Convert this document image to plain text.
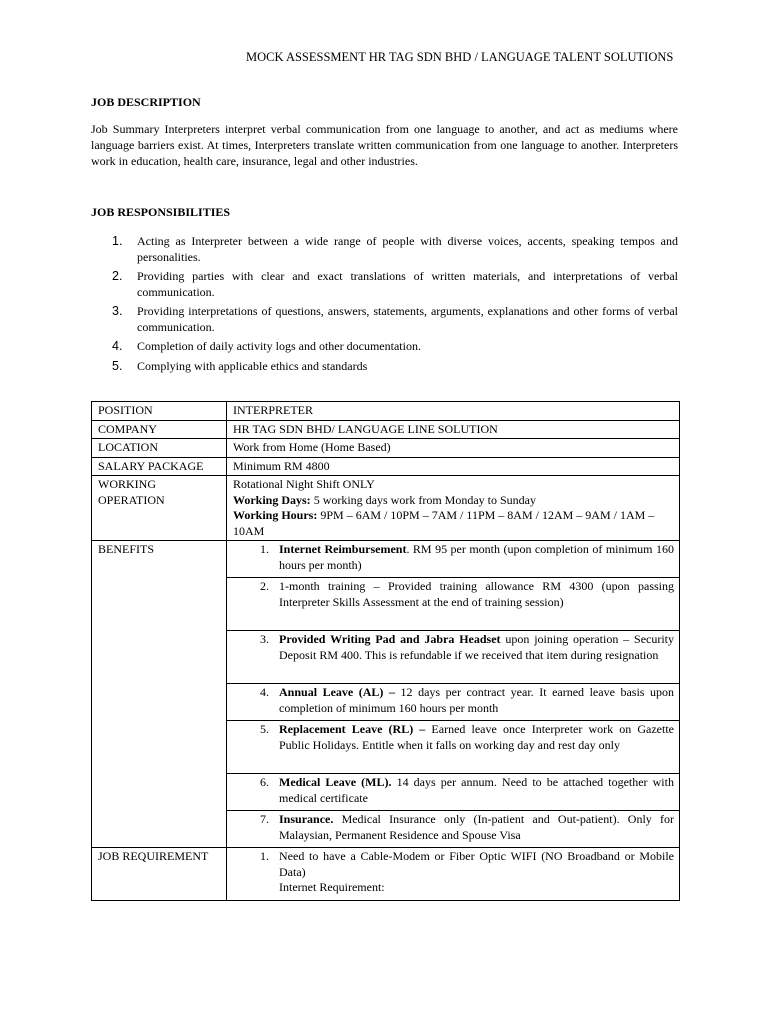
MOCK ASSESSMENT HR TAG SDN BHD / LANGUAGE TALENT SOLUTIONS
JOB DESCRIPTION
Job Summary Interpreters interpret verbal communication from one language to another, and act as mediums where language barriers exist. At times, Interpreters translate written communication from one language to another. Interpreters work in education, health care, insurance, legal and other industries.
JOB RESPONSIBILITIES
1.	Acting as Interpreter between a wide range of people with diverse voices, accents, speaking tempos and personalities.
2.	Providing parties with clear and exact translations of written materials, and interpretations of verbal communication.
3.	Providing interpretations of questions, answers, statements, arguments, explanations and other forms of verbal communication.
4.	Completion of daily activity logs and other documentation.
5.	Complying with applicable ethics and standards
POSITION	INTERPRETER
COMPANY	HR TAG SDN BHD/ LANGUAGE LINE SOLUTION
LOCATION	Work from Home (Home Based)
SALARY PACKAGE	Minimum RM 4800
WORKING OPERATION	Rotational Night Shift ONLY
Working Days: 5 working days work from Monday to Sunday
Working Hours: 9PM – 6AM / 10PM – 7AM / 11PM – 8AM / 12AM – 9AM / 1AM – 10AM

BENEFITS	1. Internet Reimbursement. RM 95 per month (upon completion of minimum 160 hours per month)

	2. 1-month training – Provided training allowance RM 4300 (upon passing Interpreter Skills Assessment at the end of training session)

	3. Provided Writing Pad and Jabra Headset upon joining operation – Security Deposit RM 400. This is refundable if we received that item during resignation

	4. Annual Leave (AL) – 12 days per contract year. It earned leave basis upon completion of minimum 160 hours per month

	5. Replacement Leave (RL) – Earned leave once Interpreter work on Gazette Public Holidays. Entitle when it falls on working day and rest day only

	6. Medical Leave (ML). 14 days per annum. Need to be attached together with medical certificate

	7. Insurance. Medical Insurance only (In-patient and Out-patient). Only for Malaysian, Permanent Residence and Spouse Visa

JOB REQUIREMENT	1. Need to have a Cable-Modem or Fiber Optic WIFI (NO Broadband or Mobile Data)
Internet Requirement:
